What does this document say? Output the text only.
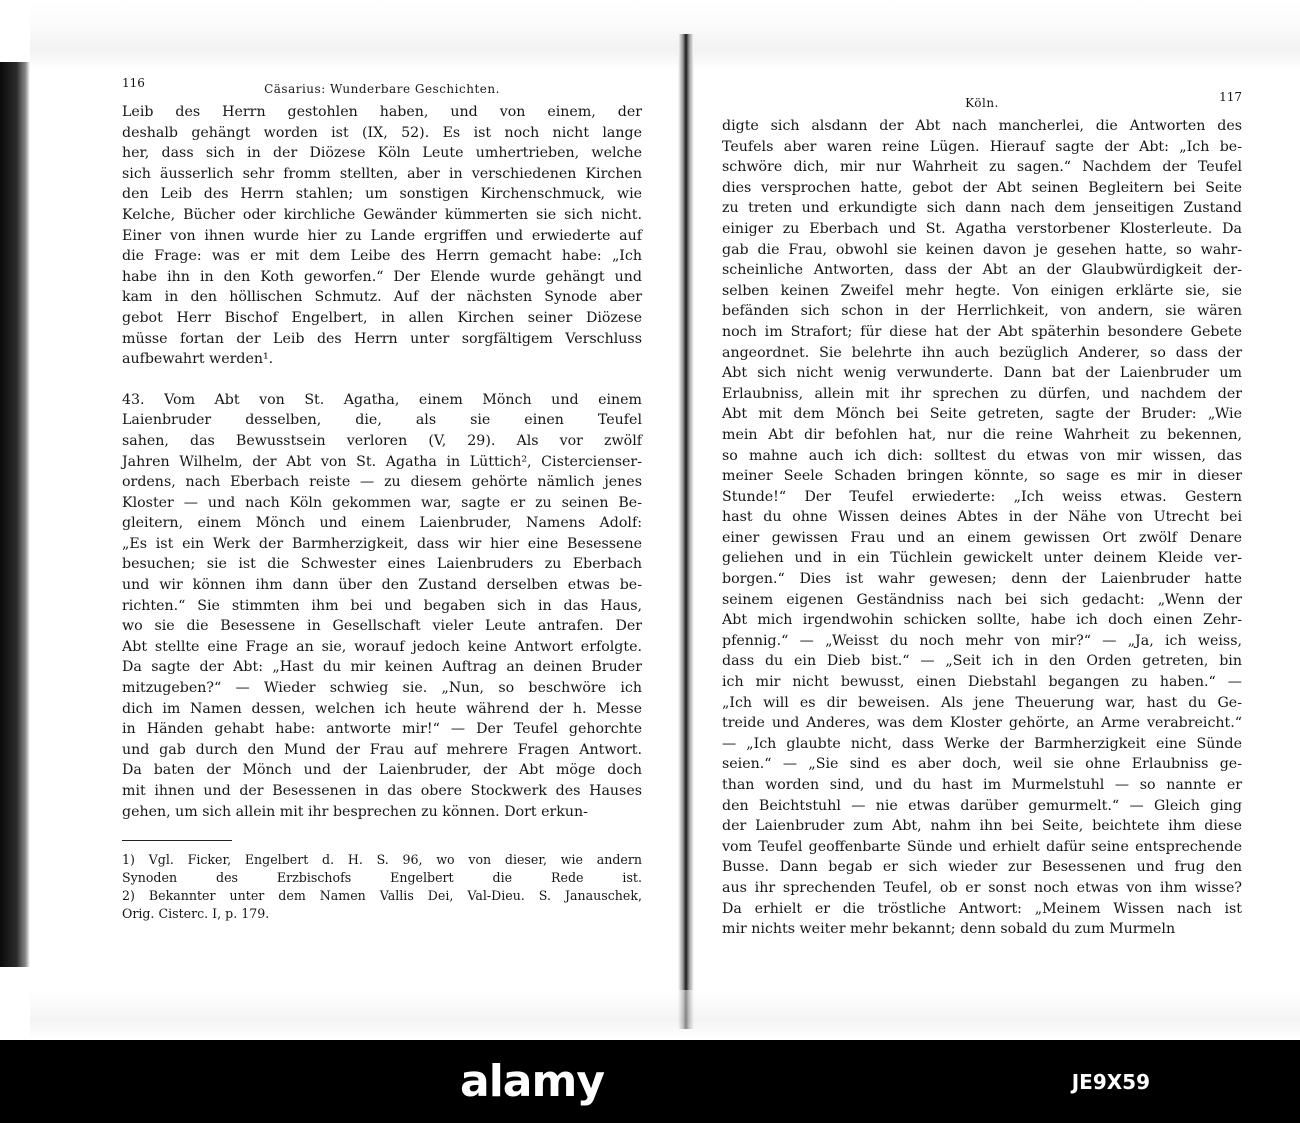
116	Cäsarius: Wunderbare Geschichten.
Leib des Herrn gestohlen haben, und von einem, der
deshalb gehängt worden ist (IX, 52). Es ist noch nicht lange
her, dass sich in der Diözese Köln Leute umhertrieben, welche
sich äusserlich sehr fromm stellten, aber in verschiedenen Kirchen
den Leib des Herrn stahlen; um sonstigen Kirchenschmuck, wie
Kelche, Bücher oder kirchliche Gewänder kümmerten sie sich nicht.
Einer von ihnen wurde hier zu Lande ergriffen und erwiederte auf
die Frage: was er mit dem Leibe des Herrn gemacht habe: „Ich
habe ihn in den Koth geworfen.“ Der Elende wurde gehängt und
kam in den höllischen Schmutz. Auf der nächsten Synode aber
gebot Herr Bischof Engelbert, in allen Kirchen seiner Diözese
müsse fortan der Leib des Herrn unter sorgfältigem Verschluss
aufbewahrt werden¹.
43. Vom Abt von St. Agatha, einem Mönch und einem
Laienbruder desselben, die, als sie einen Teufel
sahen, das Bewusstsein verloren (V, 29). Als vor zwölf
Jahren Wilhelm, der Abt von St. Agatha in Lüttich², Cistercienser-
ordens, nach Eberbach reiste — zu diesem gehörte nämlich jenes
Kloster — und nach Köln gekommen war, sagte er zu seinen Be-
gleitern, einem Mönch und einem Laienbruder, Namens Adolf:
„Es ist ein Werk der Barmherzigkeit, dass wir hier eine Besessene
besuchen; sie ist die Schwester eines Laienbruders zu Eberbach
und wir können ihm dann über den Zustand derselben etwas be-
richten.“ Sie stimmten ihm bei und begaben sich in das Haus,
wo sie die Besessene in Gesellschaft vieler Leute antrafen. Der
Abt stellte eine Frage an sie, worauf jedoch keine Antwort erfolgte.
Da sagte der Abt: „Hast du mir keinen Auftrag an deinen Bruder
mitzugeben?“ — Wieder schwieg sie. „Nun, so beschwöre ich
dich im Namen dessen, welchen ich heute während der h. Messe
in Händen gehabt habe: antworte mir!“ — Der Teufel gehorchte
und gab durch den Mund der Frau auf mehrere Fragen Antwort.
Da baten der Mönch und der Laienbruder, der Abt möge doch
mit ihnen und der Besessenen in das obere Stockwerk des Hauses
gehen, um sich allein mit ihr besprechen zu können. Dort erkun-
1) Vgl. Ficker, Engelbert d. H. S. 96, wo von dieser, wie andern
Synoden des Erzbischofs Engelbert die Rede ist.
2) Bekannter unter dem Namen Vallis Dei, Val-Dieu. S. Janauschek,
Orig. Cisterc. I, p. 179.
Köln.	117
digte sich alsdann der Abt nach mancherlei, die Antworten des
Teufels aber waren reine Lügen. Hierauf sagte der Abt: „Ich be-
schwöre dich, mir nur Wahrheit zu sagen.“ Nachdem der Teufel
dies versprochen hatte, gebot der Abt seinen Begleitern bei Seite
zu treten und erkundigte sich dann nach dem jenseitigen Zustand
einiger zu Eberbach und St. Agatha verstorbener Klosterleute. Da
gab die Frau, obwohl sie keinen davon je gesehen hatte, so wahr-
scheinliche Antworten, dass der Abt an der Glaubwürdigkeit der-
selben keinen Zweifel mehr hegte. Von einigen erklärte sie, sie
befänden sich schon in der Herrlichkeit, von andern, sie wären
noch im Strafort; für diese hat der Abt späterhin besondere Gebete
angeordnet. Sie belehrte ihn auch bezüglich Anderer, so dass der
Abt sich nicht wenig verwunderte. Dann bat der Laienbruder um
Erlaubniss, allein mit ihr sprechen zu dürfen, und nachdem der
Abt mit dem Mönch bei Seite getreten, sagte der Bruder: „Wie
mein Abt dir befohlen hat, nur die reine Wahrheit zu bekennen,
so mahne auch ich dich: solltest du etwas von mir wissen, das
meiner Seele Schaden bringen könnte, so sage es mir in dieser
Stunde!“ Der Teufel erwiederte: „Ich weiss etwas. Gestern
hast du ohne Wissen deines Abtes in der Nähe von Utrecht bei
einer gewissen Frau und an einem gewissen Ort zwölf Denare
geliehen und in ein Tüchlein gewickelt unter deinem Kleide ver-
borgen.“ Dies ist wahr gewesen; denn der Laienbruder hatte
seinem eigenen Geständniss nach bei sich gedacht: „Wenn der
Abt mich irgendwohin schicken sollte, habe ich doch einen Zehr-
pfennig.“ — „Weisst du noch mehr von mir?“ — „Ja, ich weiss,
dass du ein Dieb bist.“ — „Seit ich in den Orden getreten, bin
ich mir nicht bewusst, einen Diebstahl begangen zu haben.“ —
„Ich will es dir beweisen. Als jene Theuerung war, hast du Ge-
treide und Anderes, was dem Kloster gehörte, an Arme verabreicht.“
— „Ich glaubte nicht, dass Werke der Barmherzigkeit eine Sünde
seien.“ — „Sie sind es aber doch, weil sie ohne Erlaubniss ge-
than worden sind, und du hast im Murmelstuhl — so nannte er
den Beichtstuhl — nie etwas darüber gemurmelt.“ — Gleich ging
der Laienbruder zum Abt, nahm ihn bei Seite, beichtete ihm diese
vom Teufel geoffenbarte Sünde und erhielt dafür seine entsprechende
Busse. Dann begab er sich wieder zur Besessenen und frug den
aus ihr sprechenden Teufel, ob er sonst noch etwas von ihm wisse?
Da erhielt er die tröstliche Antwort: „Meinem Wissen nach ist
mir nichts weiter mehr bekannt; denn sobald du zum Murmeln
alamy	JE9X59
